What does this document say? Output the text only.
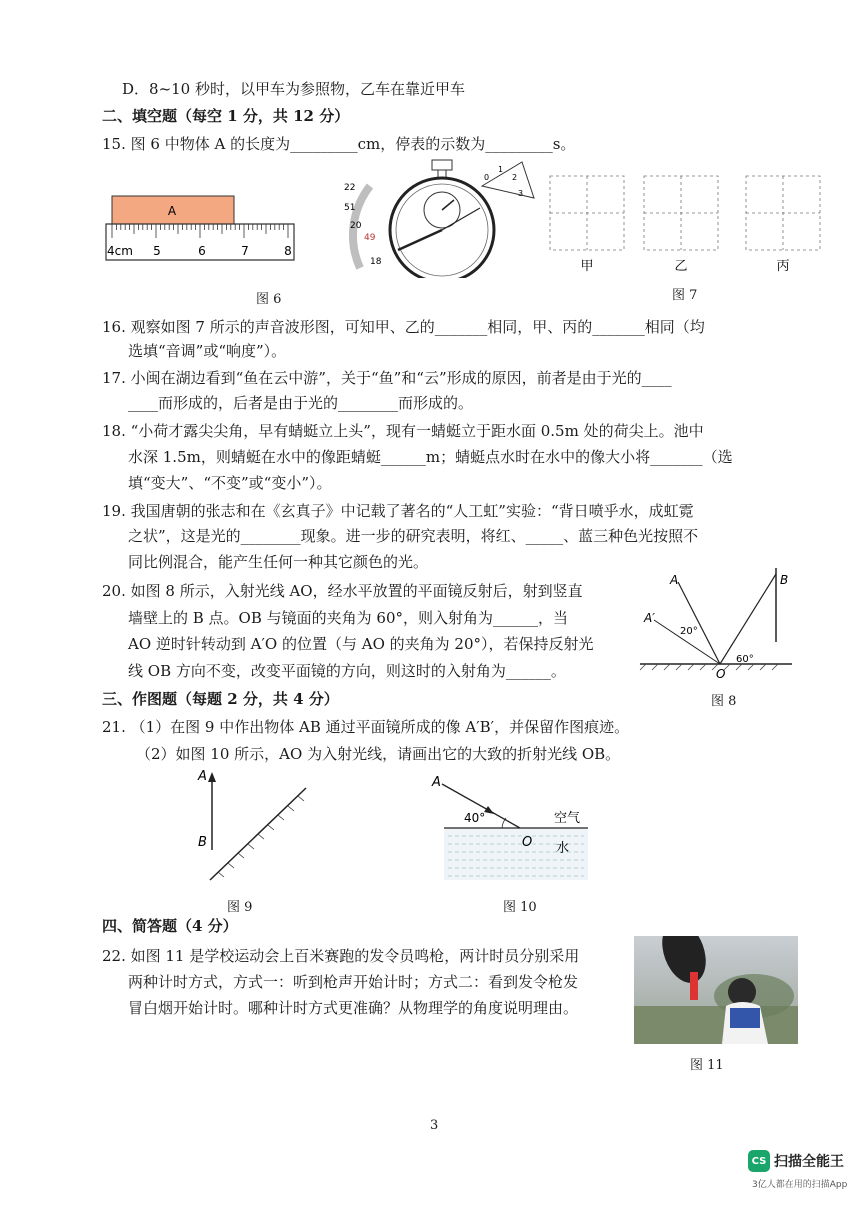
D．8~10 秒时，以甲车为参照物，乙车在靠近甲车
二、填空题（每空 1 分，共 12 分）
15. 图 6 中物体 A 的长度为_________cm，停表的示数为_________s。
A
4cm 5	6	7	8
22
51
20
49
18
0
1
2
3
图 6
甲	乙	丙
图 7
16. 观察如图 7 所示的声音波形图，可知甲、乙的_______相同，甲、丙的_______相同（均
选填“音调”或“响度”）。
17. 小闽在湖边看到“鱼在云中游”，关于“鱼”和“云”形成的原因，前者是由于光的____
____而形成的，后者是由于光的________而形成的。
18. “小荷才露尖尖角，早有蜻蜓立上头”，现有一蜻蜓立于距水面 0.5m 处的荷尖上。池中
水深 1.5m，则蜻蜓在水中的像距蜻蜓______m；蜻蜓点水时在水中的像大小将_______（选
填“变大”、“不变”或“变小”）。
19. 我国唐朝的张志和在《玄真子》中记载了著名的“人工虹”实验：“背日喷乎水，成虹霓
之状”，这是光的________现象。进一步的研究表明，将红、_____、蓝三种色光按照不
同比例混合，能产生任何一种其它颜色的光。
20. 如图 8 所示，入射光线 AO，经水平放置的平面镜反射后，射到竖直
墙壁上的 B 点。OB 与镜面的夹角为 60°，则入射角为______，当
AO 逆时针转动到 A′O 的位置（与 AO 的夹角为 20°），若保持反射光
线 OB 方向不变，改变平面镜的方向，则这时的入射角为______。
A
A′
B
O
20°
60°
图 8
三、作图题（每题 2 分，共 4 分）
21. （1）在图 9 中作出物体 AB 通过平面镜所成的像 A′B′，并保留作图痕迹。
（2）如图 10 所示，AO 为入射光线，请画出它的大致的折射光线 OB。
A
B
图 9
A
40°
O
空气
水
图 10
四、简答题（4 分）
22. 如图 11 是学校运动会上百米赛跑的发令员鸣枪，两计时员分别采用
两种计时方式，方式一：听到枪声开始计时；方式二：看到发令枪发
冒白烟开始计时。哪种计时方式更准确？从物理学的角度说明理由。
图 11
3
CS 扫描全能王
3亿人都在用的扫描App
